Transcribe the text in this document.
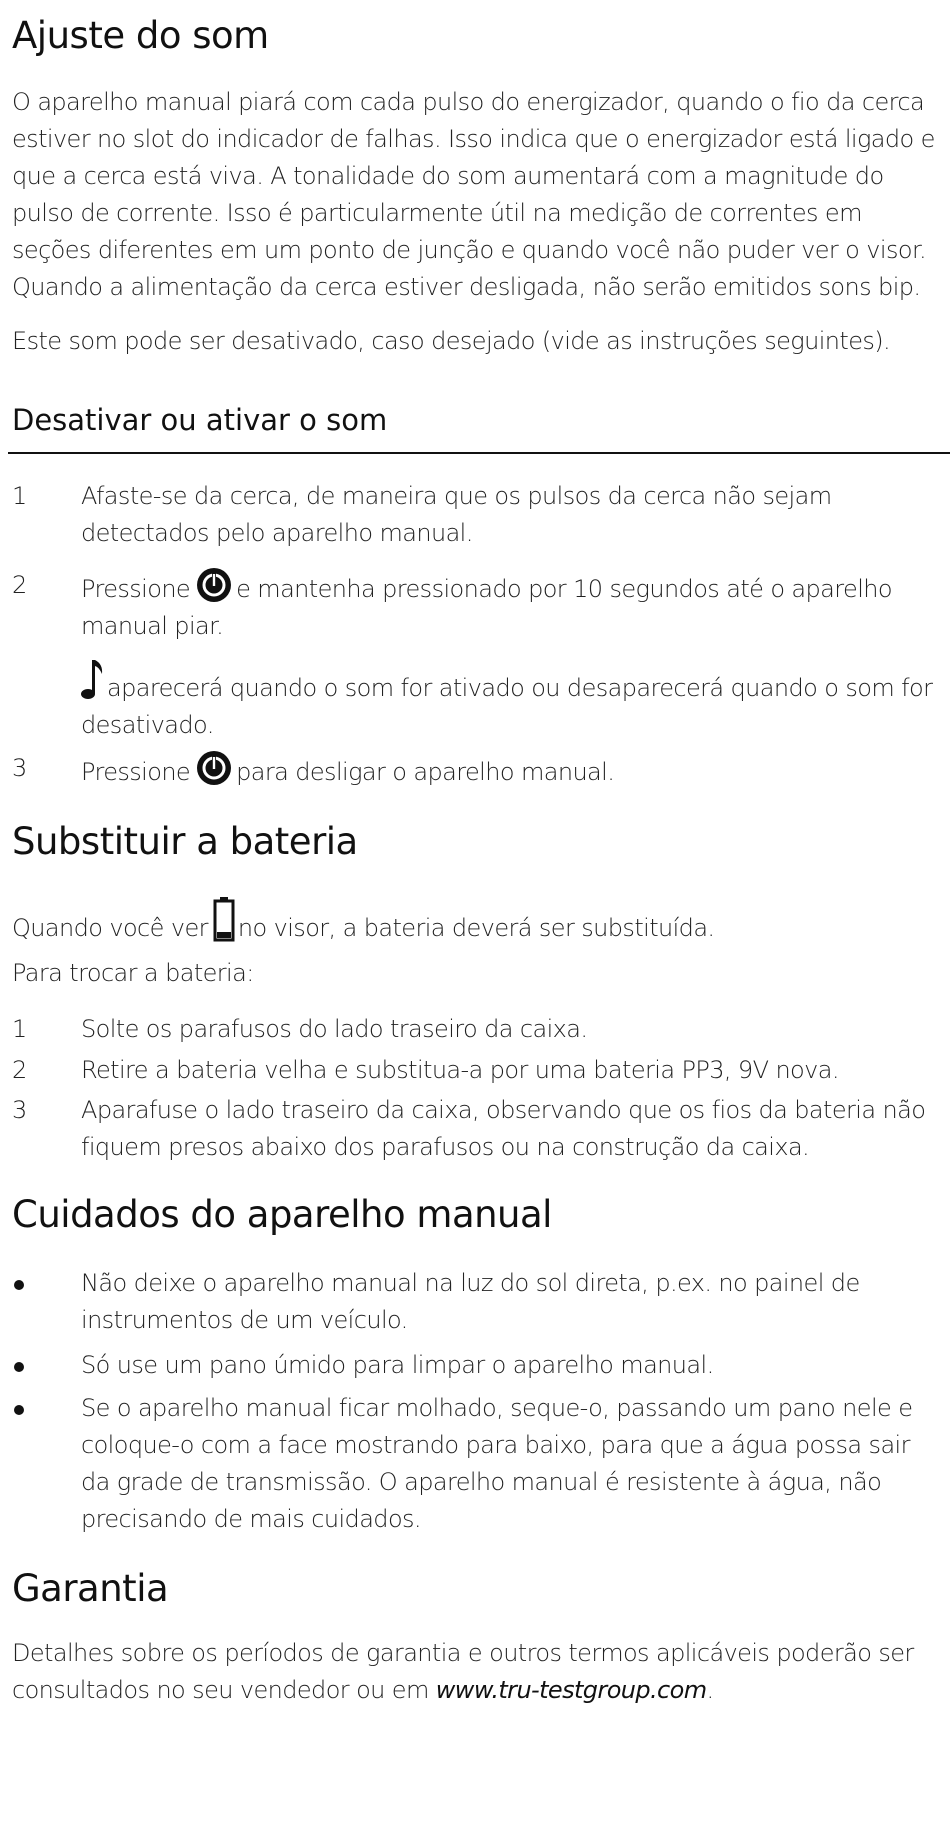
Ajuste do som

O aparelho manual piará com cada pulso do energizador, quando o fio da cerca estiver no slot do indicador de falhas. Isso indica que o energizador está ligado e que a cerca está viva. A tonalidade do som aumentará com a magnitude do pulso de corrente. Isso é particularmente útil na medição de correntes em seções diferentes em um ponto de junção e quando você não puder ver o visor. Quando a alimentação da cerca estiver desligada, não serão emitidos sons bip.

Este som pode ser desativado, caso desejado (vide as instruções seguintes).

Desativar ou ativar o som
1	Afaste-se da cerca, de maneira que os pulsos da cerca não sejam detectados pelo aparelho manual.
2	Pressione e mantenha pressionado por 10 segundos até o aparelho manual piar.
aparecerá quando o som for ativado ou desaparecerá quando o som for desativado.
3	Pressione para desligar o aparelho manual.
Substituir a bateria
Quando você ver no visor, a bateria deverá ser substituída.

Para trocar a bateria:

1	Solte os parafusos do lado traseiro da caixa.
2	Retire a bateria velha e substitua-a por uma bateria PP3, 9V nova.
3	Aparafuse o lado traseiro da caixa, observando que os fios da bateria não fiquem presos abaixo dos parafusos ou na construção da caixa.
Cuidados do aparelho manual
Não deixe o aparelho manual na luz do sol direta, p.ex. no painel de instrumentos de um veículo.
Só use um pano úmido para limpar o aparelho manual.
Se o aparelho manual ficar molhado, seque-o, passando um pano nele e coloque-o com a face mostrando para baixo, para que a água possa sair da grade de transmissão. O aparelho manual é resistente à água, não precisando de mais cuidados.
Garantia

Detalhes sobre os períodos de garantia e outros termos aplicáveis poderão ser consultados no seu vendedor ou em www.tru-testgroup.com.
